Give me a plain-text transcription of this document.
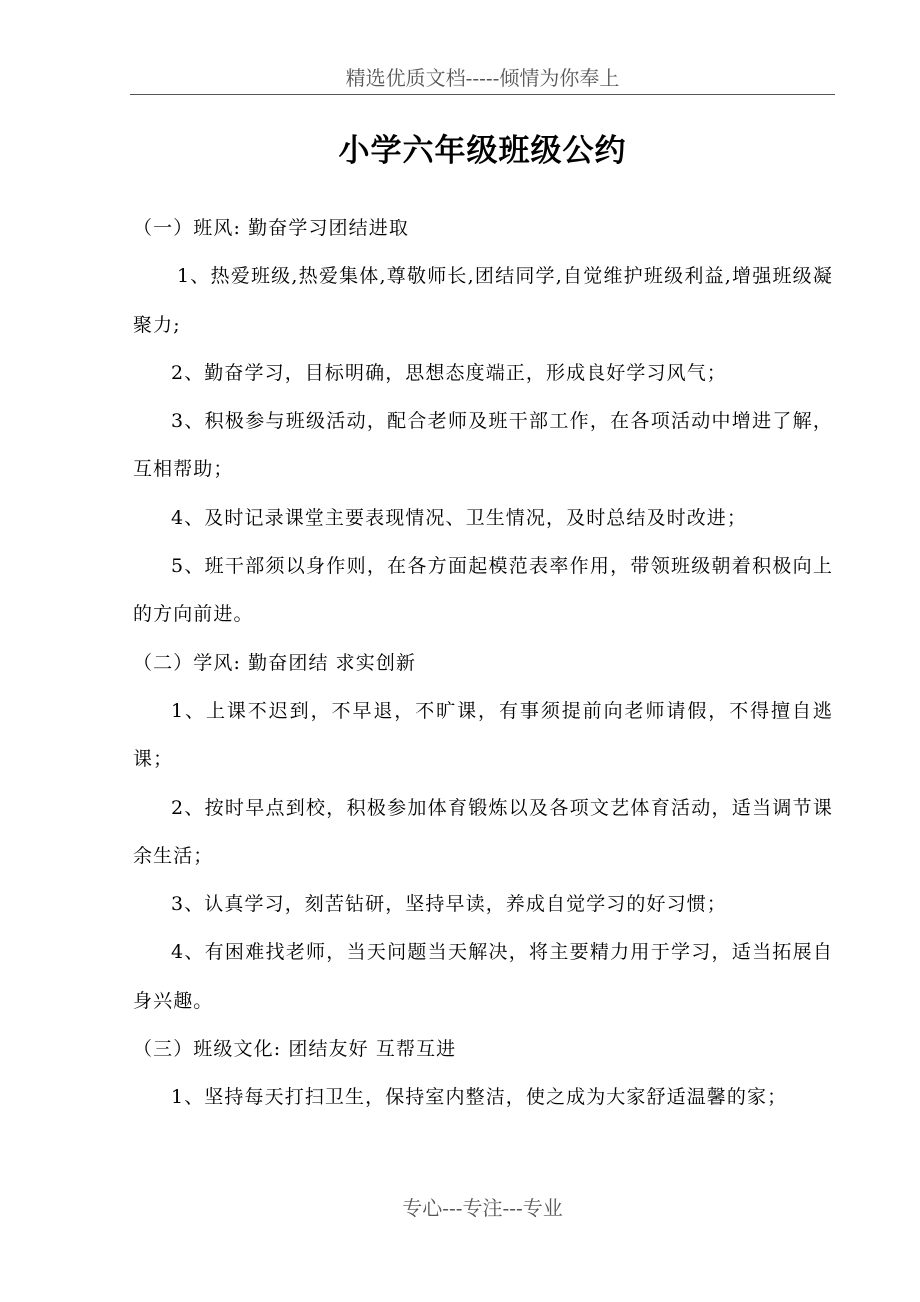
精选优质文档-----倾情为你奉上
小学六年级班级公约

（一）班风: 勤奋学习团结进取

1、热爱班级,热爱集体,尊敬师长,团结同学,自觉维护班级利益,增强班级凝聚力;

2、勤奋学习，目标明确，思想态度端正，形成良好学习风气；

3、积极参与班级活动，配合老师及班干部工作，在各项活动中增进了解，互相帮助；

4、及时记录课堂主要表现情况、卫生情况，及时总结及时改进；

5、班干部须以身作则，在各方面起模范表率作用，带领班级朝着积极向上的方向前进。

（二）学风: 勤奋团结 求实创新

1、上课不迟到，不早退，不旷课，有事须提前向老师请假，不得擅自逃课；

2、按时早点到校，积极参加体育锻炼以及各项文艺体育活动，适当调节课余生活；

3、认真学习，刻苦钻研，坚持早读，养成自觉学习的好习惯；

4、有困难找老师，当天问题当天解决，将主要精力用于学习，适当拓展自身兴趣。

（三）班级文化: 团结友好 互帮互进

1、坚持每天打扫卫生，保持室内整洁，使之成为大家舒适温馨的家；

专心---专注---专业
